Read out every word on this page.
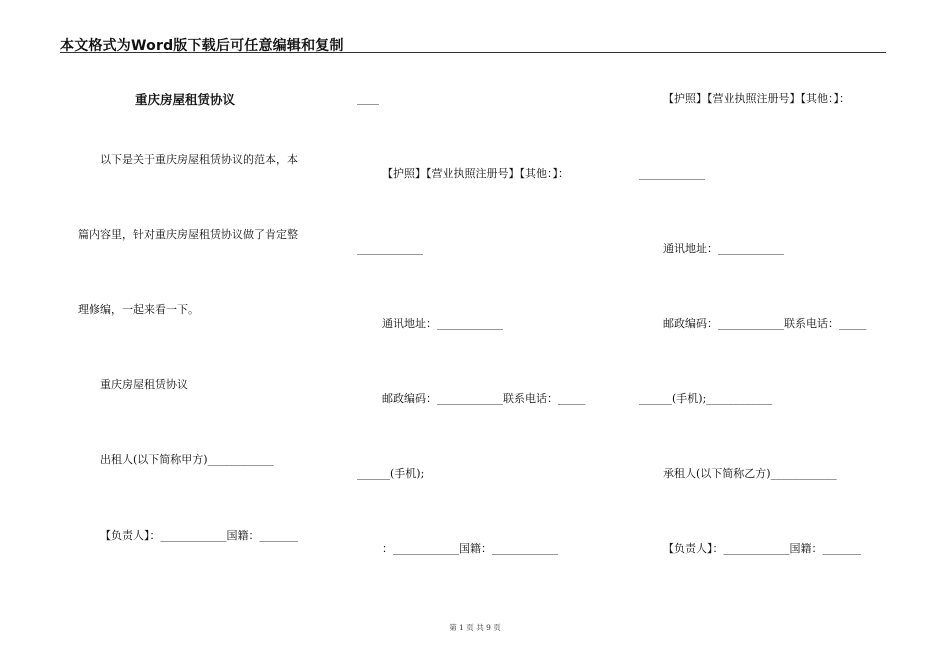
本文格式为Word版下载后可任意编辑和复制
重庆房屋租赁协议
以下是关于重庆房屋租赁协议的范本，本
篇内容里，针对重庆房屋租赁协议做了肯定整
理修编，一起来看一下。
重庆房屋租赁协议
出租人(以下简称甲方)____________
【负责人】：____________国籍：_______
____
【护照】【营业执照注册号】【其他：】：
____________
通讯地址：____________
邮政编码：____________联系电话：_____
______(手机);
：____________国籍：____________
【护照】【营业执照注册号】【其他：】：
____________
通讯地址：____________
邮政编码：____________联系电话：_____
______(手机);____________
承租人(以下简称乙方)____________
【负责人】：____________国籍：_______
第 1 页 共 9 页
